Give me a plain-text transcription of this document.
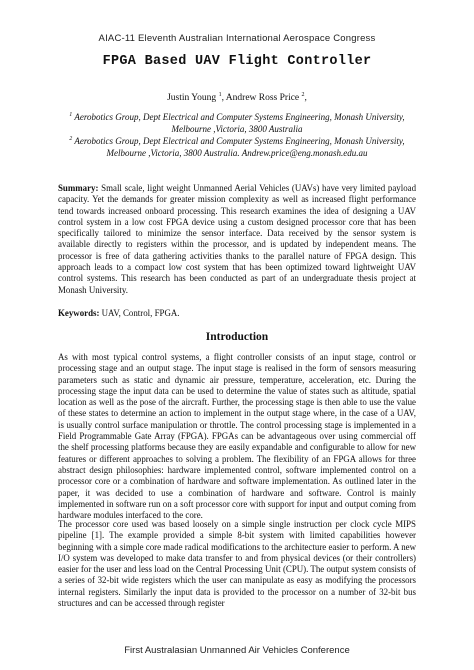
AIAC-11 Eleventh Australian International Aerospace Congress
FPGA Based UAV Flight Controller
Justin Young $^1$, Andrew Ross Price $^2$,
$^1$ Aerobotics Group, Dept Electrical and Computer Systems Engineering, Monash University, Melbourne ,Victoria, 3800 Australia
$^2$ Aerobotics Group, Dept Electrical and Computer Systems Engineering, Monash University, Melbourne ,Victoria, 3800 Australia. Andrew.price@eng.monash.edu.au
Summary: Small scale, light weight Unmanned Aerial Vehicles (UAVs) have very limited payload capacity. Yet the demands for greater mission complexity as well as increased flight performance tend towards increased onboard processing. This research examines the idea of designing a UAV control system in a low cost FPGA device using a custom designed processor core that has been specifically tailored to minimize the sensor interface. Data received by the sensor system is available directly to registers within the processor, and is updated by independent means. The processor is free of data gathering activities thanks to the parallel nature of FPGA design. This approach leads to a compact low cost system that has been optimized toward lightweight UAV control systems. This research has been conducted as part of an undergraduate thesis project at Monash University.
Keywords: UAV, Control, FPGA.
Introduction
As with most typical control systems, a flight controller consists of an input stage, control or processing stage and an output stage. The input stage is realised in the form of sensors measuring parameters such as static and dynamic air pressure, temperature, acceleration, etc. During the processing stage the input data can be used to determine the value of states such as altitude, spatial location as well as the pose of the aircraft. Further, the processing stage is then able to use the value of these states to determine an action to implement in the output stage where, in the case of a UAV, is usually control surface manipulation or throttle. The control processing stage is implemented in a Field Programmable Gate Array (FPGA). FPGAs can be advantageous over using commercial off the shelf processing platforms because they are easily expandable and configurable to allow for new features or different approaches to solving a problem. The flexibility of an FPGA allows for three abstract design philosophies: hardware implemented control, software implemented control on a processor core or a combination of hardware and software implementation. As outlined later in the paper, it was decided to use a combination of hardware and software. Control is mainly implemented in software run on a soft processor core with support for input and output coming from hardware modules interfaced to the core.
The processor core used was based loosely on a simple single instruction per clock cycle MIPS pipeline [1]. The example provided a simple 8-bit system with limited capabilities however beginning with a simple core made radical modifications to the architecture easier to perform. A new I/O system was developed to make data transfer to and from physical devices (or their controllers) easier for the user and less load on the Central Processing Unit (CPU). The output system consists of a series of 32-bit wide registers which the user can manipulate as easy as modifying the processors internal registers. Similarly the input data is provided to the processor on a number of 32-bit bus structures and can be accessed through register
First Australasian Unmanned Air Vehicles Conference
